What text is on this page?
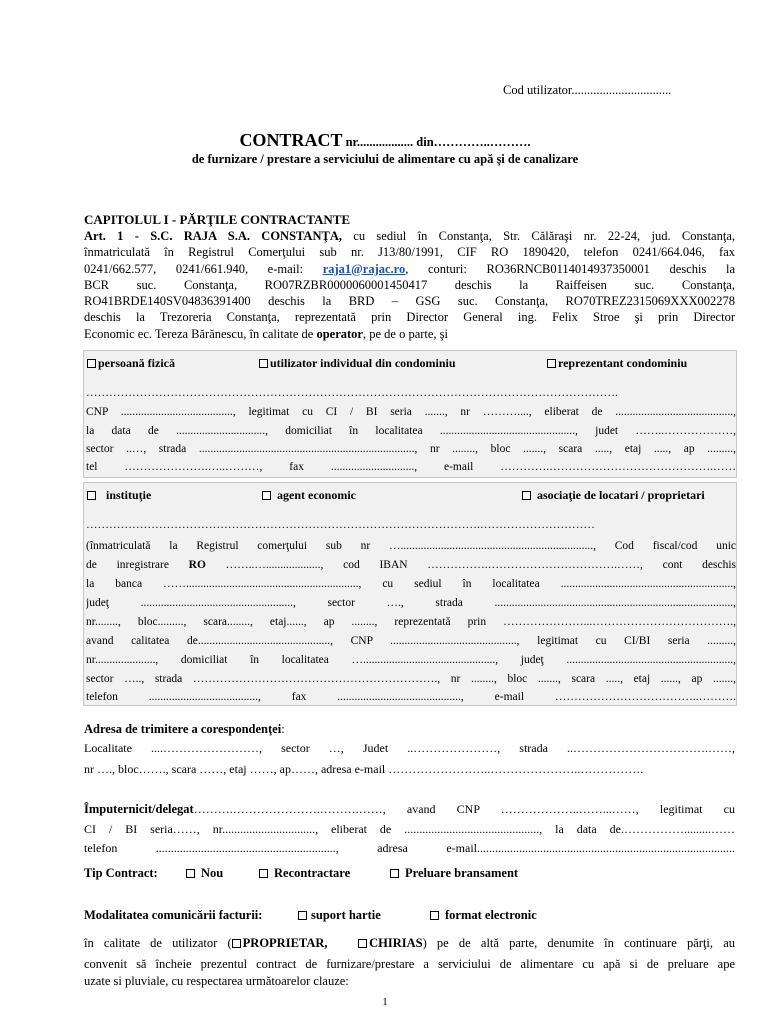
Cod utilizator................................
CONTRACT nr.................. din…………..……….
de furnizare / prestare a serviciului de alimentare cu apă şi de canalizare
CAPITOLUL I - PĂRŢILE CONTRACTANTE
Art. 1 - S.C. RAJA S.A. CONSTANŢA, cu sediul în Constanţa, Str. Călăraşi nr. 22-24, jud. Constanţa,
înmatriculată în Registrul Comerţului sub nr. J13/80/1991, CIF RO 1890420, telefon 0241/664.046, fax
0241/662.577, 0241/661.940, e-mail: raja1@rajac.ro, conturi: RO36RNCB0114014937350001 deschis la
BCR suc. Constanţa, RO07RZBR0000060001450417 deschis la Raiffeisen suc. Constanţa,
RO41BRDE140SV04836391400 deschis la BRD – GSG suc. Constanţa, RO70TREZ2315069XXX002278
deschis la Trezoreria Constanţa, reprezentată prin Director General ing. Felix Stroe şi prin Director
Economic ec. Tereza Bărănescu, în calitate de operator, pe de o parte, şi
persoană fizică	utilizator individual din condominiu	reprezentant condominiu
………………………………………………………………………………………………………………………….
CNP ......................................., legitimat cu CI / BI seria ......., nr ………...., eliberat de .........................................,
la data de ..............................., domiciliat în localitatea ..............................................., judet ……..………………,
sector ..…, strada ..........................................................................., nr ........, bloc ......., scara ....., etaj ....., ap .........,
tel ………………….…..………, fax ............................., e-mail ………….…………………………………….……
instituţie	agent economic	asociaţie de locatari / proprietari
………………………………………………………………………………………….…………………………
(înmatriculată la Registrul comerţului sub nr …..................................................................., Cod fiscal/cod unic
de inregistrare RO ……..…..................., cod IBAN …………….…………………………….……, cont deschis
la banca ……............................................................, cu sediul în localitatea ............................................................,
judeţ ....................................................., sector …., strada ...................................................................................,
nr........, bloc........., scara........, etaj......, ap ........, reprezentată prin …………………...……………………………….,
avand calitatea de.............................................., CNP ............................................, legitimat cu CI/BI seria .........,
nr....................., domiciliat în localitatea ….............................................., judeţ ..........................................................,
sector ….., strada ………………………………………………………., nr ........, bloc ......., scara ....., etaj ......, ap .......,
telefon ......................................, fax ..........................................., e-mail ………………………………..……….
Adresa de trimitere a corespondenţei:
Localitate ....……………………, sector …, Judet ..…………………, strada ..…………………………….……,
nr …., bloc……., scara ……, etaj ……, ap……, adresa e-mail ……………………..…………………..…………….
Împuternicit/delegat……….………………….……….……, avand CNP ………………..……...……, legitimat cu
CI / BI seria……, nr..............................., eliberat de ............................................., la data de.…………….........……
telefon ............................................................, adresa e-mail......................................................................................
Tip Contract:	Nou	Recontractare	Preluare bransament
Modalitatea comunicării facturii:	suport hartie	format electronic
în calitate de utilizator ( PROPRIETAR,	CHIRIAS) pe de altă parte, denumite în continuare părţi, au
convenit să încheie prezentul contract de furnizare/prestare a serviciului de alimentare cu apă si de preluare ape
uzate si pluviale, cu respectarea următoarelor clauze:
1
